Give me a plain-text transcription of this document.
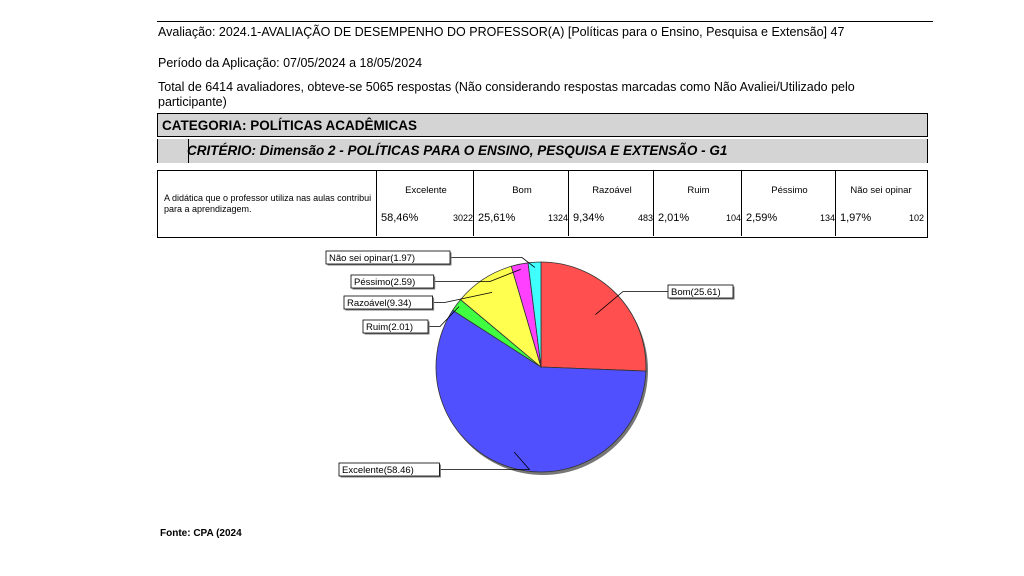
Avaliação: 2024.1-AVALIAÇÃO DE DESEMPENHO DO PROFESSOR(A) [Políticas para o Ensino, Pesquisa e Extensão] 47
Período da Aplicação: 07/05/2024 a 18/05/2024
Total de 6414 avaliadores, obteve-se 5065 respostas (Não considerando respostas marcadas como Não Avaliei/Utilizado pelo
participante)
CATEGORIA: POLÍTICAS ACADÊMICAS
CRITÉRIO: Dimensão 2 - POLÍTICAS PARA O ENSINO, PESQUISA E EXTENSÃO - G1
A didática que o professor utiliza nas aulas contribui para a aprendizagem.
Excelente
58,46%	3022
Bom
25,61%	1324
Razoável
9,34%	483
Ruim
2,01%	104
Péssimo
2,59%	134
Não sei opinar
1,97%	102
Bom(25.61)
Excelente(58.46)
Ruim(2.01)
Razoável(9.34)
Péssimo(2.59)
Não sei opinar(1.97)
Fonte: CPA (2024
